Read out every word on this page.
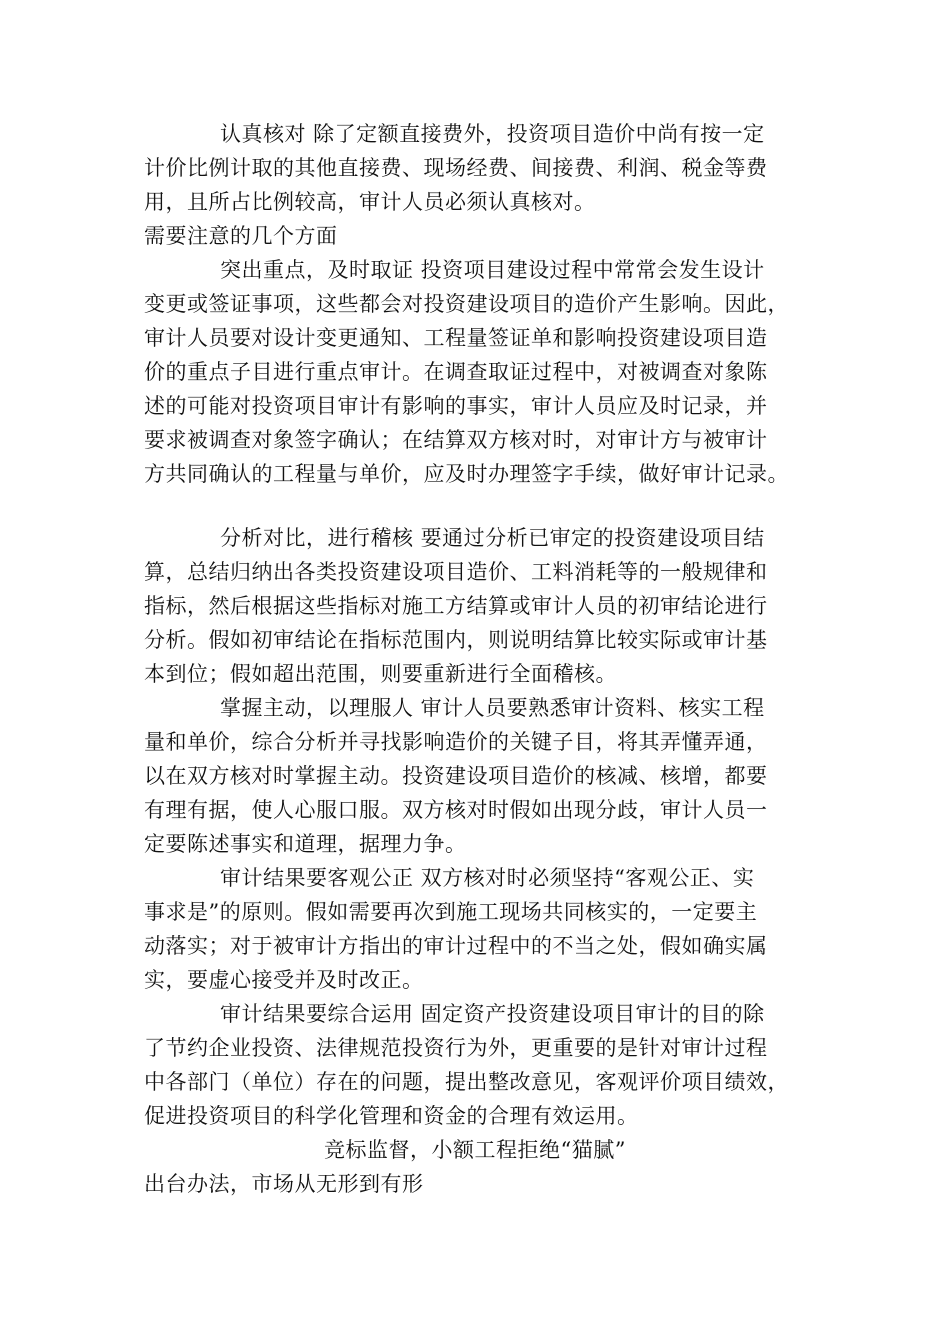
认真核对 除了定额直接费外，投资项目造价中尚有按一定
计价比例计取的其他直接费、现场经费、间接费、利润、税金等费
用，且所占比例较高，审计人员必须认真核对。
需要注意的几个方面
突出重点，及时取证 投资项目建设过程中常常会发生设计
变更或签证事项，这些都会对投资建设项目的造价产生影响。因此，
审计人员要对设计变更通知、工程量签证单和影响投资建设项目造
价的重点子目进行重点审计。在调查取证过程中，对被调查对象陈
述的可能对投资项目审计有影响的事实，审计人员应及时记录，并
要求被调查对象签字确认；在结算双方核对时，对审计方与被审计
方共同确认的工程量与单价，应及时办理签字手续，做好审计记录。
分析对比，进行稽核 要通过分析已审定的投资建设项目结
算，总结归纳出各类投资建设项目造价、工料消耗等的一般规律和
指标，然后根据这些指标对施工方结算或审计人员的初审结论进行
分析。假如初审结论在指标范围内，则说明结算比较实际或审计基
本到位；假如超出范围，则要重新进行全面稽核。
掌握主动，以理服人 审计人员要熟悉审计资料、核实工程
量和单价，综合分析并寻找影响造价的关键子目，将其弄懂弄通，
以在双方核对时掌握主动。投资建设项目造价的核减、核增，都要
有理有据，使人心服口服。双方核对时假如出现分歧，审计人员一
定要陈述事实和道理，据理力争。
审计结果要客观公正 双方核对时必须坚持“客观公正、实
事求是”的原则。假如需要再次到施工现场共同核实的，一定要主
动落实；对于被审计方指出的审计过程中的不当之处，假如确实属
实，要虚心接受并及时改正。
审计结果要综合运用 固定资产投资建设项目审计的目的除
了节约企业投资、法律规范投资行为外，更重要的是针对审计过程
中各部门（单位）存在的问题，提出整改意见，客观评价项目绩效，
促进投资项目的科学化管理和资金的合理有效运用。
竞标监督，小额工程拒绝“猫腻”
出台办法，市场从无形到有形
